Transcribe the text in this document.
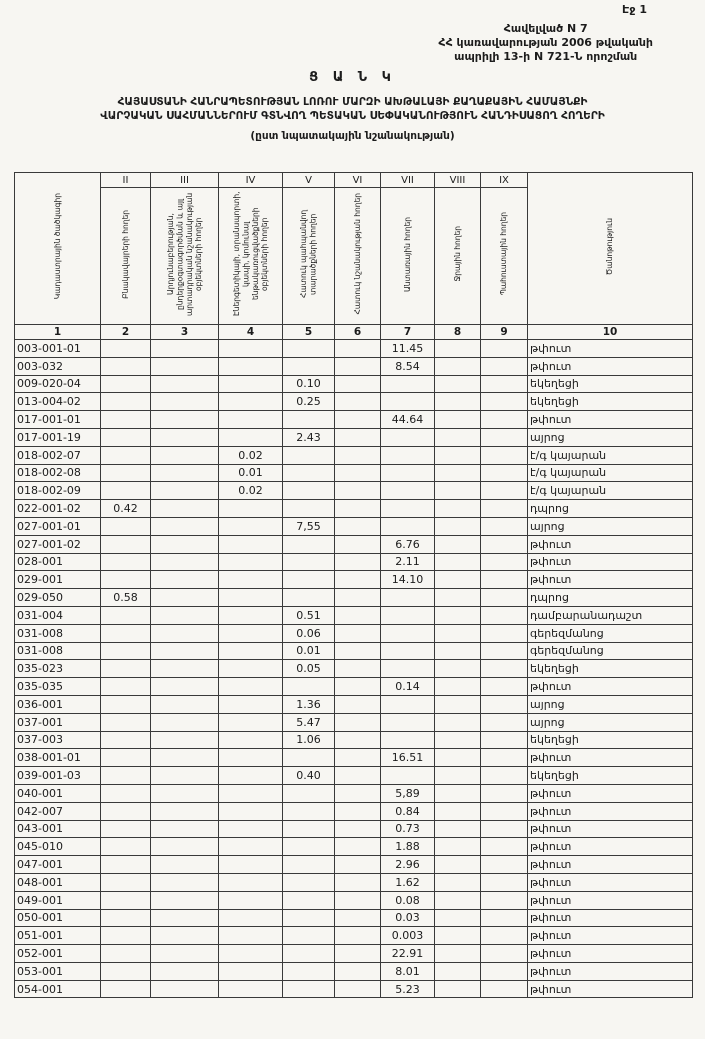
Էջ 1
Հավելված N 7
ՀՀ կառավարության 2006 թվականի
ապրիլի 13-ի N 721-Ն որոշման
Ց Ա Ն Կ
ՀԱՅԱՍՏԱՆԻ ՀԱՆՐԱՊԵՏՈՒԹՅԱՆ ԼՈՌՈՒ ՄԱՐԶԻ ԱԽԹԱԼԱՅԻ ՔԱՂԱՔԱՅԻՆ ՀԱՄԱՅՆՔԻ
ՎԱՐՉԱԿԱՆ ՍԱՀՄԱՆՆԵՐՈՒՄ ԳՏՆՎՈՂ ՊԵՏԱԿԱՆ ՍԵՓԱԿԱՆՈՒԹՅՈՒՆ ՀԱՆԴԻՍԱՑՈՂ ՀՈՂԵՐԻ
(ըստ նպատակային նշանակության)
Կադաստրային ծածկագիր	II	III	IV	V	VI	VII	VIII	IX	Ծանոթություն
	Բնակավայրերի հողեր	Արդյունաբերության, ընդերքօգտագործման և այլ արտադրական նշանակության օբյեկտների հողեր	Էներգետիկայի, տրանսպորտի, կապի, կոմունալ ենթակառուցվածքների օբյեկտների հողեր	Հատուկ պահպանվող տարածքների հողեր	Հատուկ նշանակության հողեր	Անտառային հողեր	Ջրային հողեր	Պահուստային հողեր	
1	2	3	4	5	6	7	8	9	10
003-001-01						11.45			թփուտ
003-032						8.54			թփուտ
009-020-04				0.10					եկեղեցի
013-004-02				0.25					եկեղեցի
017-001-01						44.64			թփուտ
017-001-19				2.43					այրոց
018-002-07			0.02						է/գ կայարան
018-002-08			0.01						է/գ կայարան
018-002-09			0.02						է/գ կայարան
022-001-02	0.42								դպրոց
027-001-01				7,55					այրոց
027-001-02						6.76			թփուտ
028-001						2.11			թփուտ
029-001						14.10			թփուտ
029-050	0.58								դպրոց
031-004				0.51					դամբարանադաշտ
031-008				0.06					գերեզմանոց
031-008				0.01					գերեզմանոց
035-023				0.05					եկեղեցի
035-035						0.14			թփուտ
036-001				1.36					այրոց
037-001				5.47					այրոց
037-003				1.06					եկեղեցի
038-001-01						16.51			թփուտ
039-001-03				0.40					եկեղեցի
040-001						5,89			թփուտ
042-007						0.84			թփուտ
043-001						0.73			թփուտ
045-010						1.88			թփուտ
047-001						2.96			թփուտ
048-001						1.62			թփուտ
049-001						0.08			թփուտ
050-001						0.03			թփուտ
051-001						0.003			թփուտ
052-001						22.91			թփուտ
053-001						8.01			թփուտ
054-001						5.23			թփուտ
